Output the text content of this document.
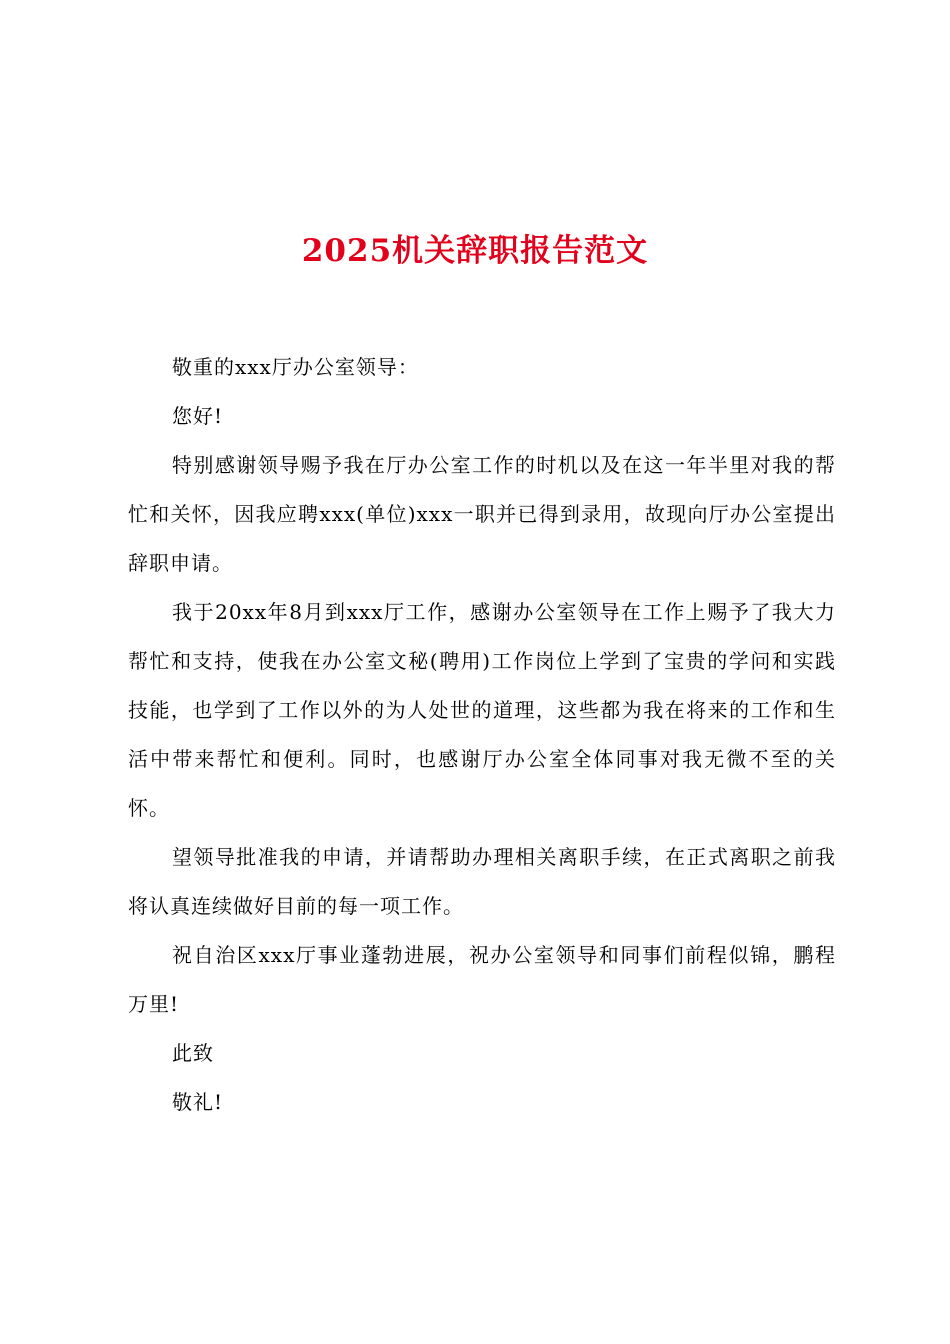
2025机关辞职报告范文

敬重的xxx厅办公室领导：

您好!

特别感谢领导赐予我在厅办公室工作的时机以及在这一年半里对我的帮忙和关怀，因我应聘xxx(单位)xxx一职并已得到录用，故现向厅办公室提出辞职申请。

我于20xx年8月到xxx厅工作，感谢办公室领导在工作上赐予了我大力帮忙和支持，使我在办公室文秘(聘用)工作岗位上学到了宝贵的学问和实践技能，也学到了工作以外的为人处世的道理，这些都为我在将来的工作和生活中带来帮忙和便利。同时，也感谢厅办公室全体同事对我无微不至的关怀。

望领导批准我的申请，并请帮助办理相关离职手续，在正式离职之前我将认真连续做好目前的每一项工作。

祝自治区xxx厅事业蓬勃进展，祝办公室领导和同事们前程似锦，鹏程万里!

此致

敬礼!
